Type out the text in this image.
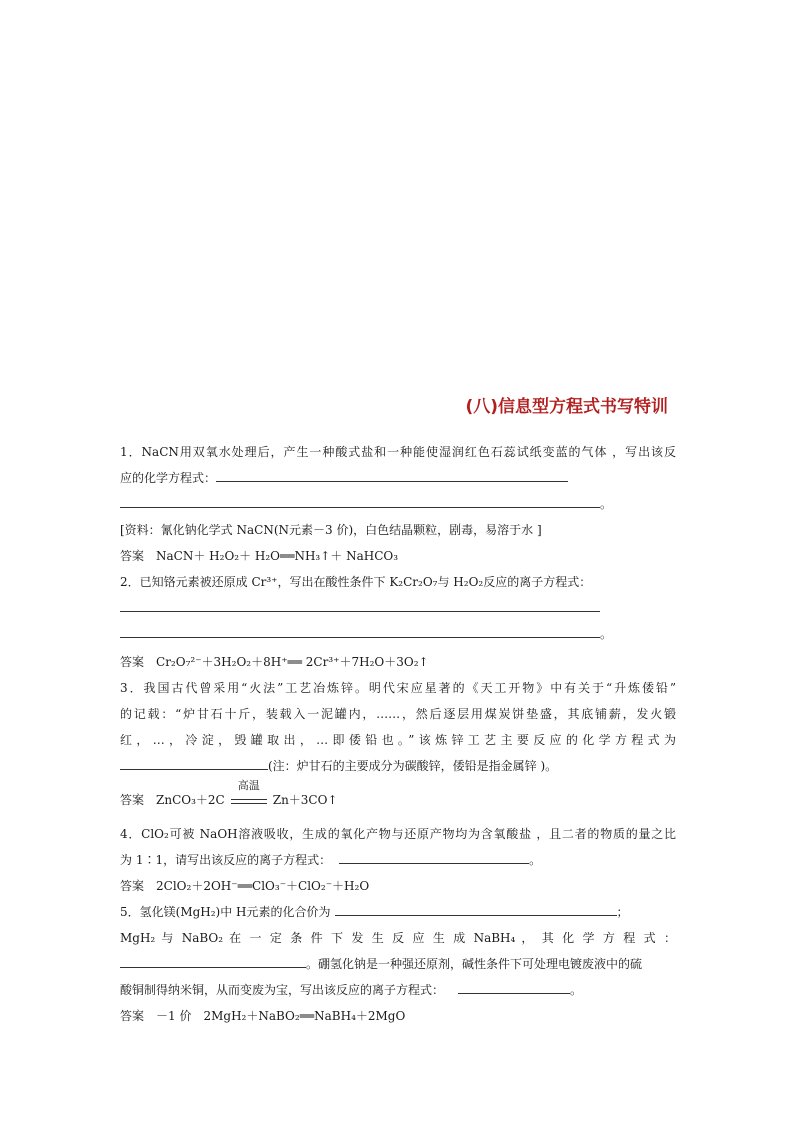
(八)信息型方程式书写特训
1．NaCN用双氧水处理后，产生一种酸式盐和一种能使湿润红色石蕊试纸变蓝的气体 ，写出该反
应的化学方程式：
。
[资料：氰化钠化学式 NaCN(N元素－3 价)，白色结晶颗粒，剧毒，易溶于水 ]
答案 NaCN＋ H₂O₂＋ H₂O══NH₃↑＋ NaHCO₃
2．已知铬元素被还原成 Cr³⁺，写出在酸性条件下 K₂Cr₂O₇与 H₂O₂反应的离子方程式：
。
答案 Cr₂O₇²⁻＋3H₂O₂＋8H⁺══ 2Cr³⁺＋7H₂O＋3O₂↑
3．我国古代曾采用“火法”工艺冶炼锌。明代宋应星著的《天工开物》中有关于“升炼倭铅”
的记载：“炉甘石十斤，装载入一泥罐内，……，然后逐层用煤炭饼垫盛，其底铺薪，发火锻
红，…，冷淀，毁罐取出，…即倭铅也。”该炼锌工艺主要反应的化学方程式为
(注：炉甘石的主要成分为碳酸锌，倭铅是指金属锌 )。
答案 ZnCO₃＋2C
高温
Zn＋3CO↑
4．ClO₂可被 NaOH溶液吸收，生成的氧化产物与还原产物均为含氧酸盐 ，且二者的物质的量之比
为 1∶1，请写出该反应的离子方程式：	。
答案 2ClO₂＋2OH⁻══ClO₃⁻＋ClO₂⁻＋H₂O
5．氢化镁(MgH₂)中 H元素的化合价为	；
MgH₂ 与 NaBO₂ 在 一 定 条 件 下 发 生 反 应 生 成 NaBH₄ ， 其 化 学 方 程 式 ：
。硼氢化钠是一种强还原剂，碱性条件下可处理电镀废液中的硫
酸铜制得纳米铜，从而变废为宝，写出该反应的离子方程式：	。
答案 －1 价　2MgH₂＋NaBO₂══NaBH₄＋2MgO
